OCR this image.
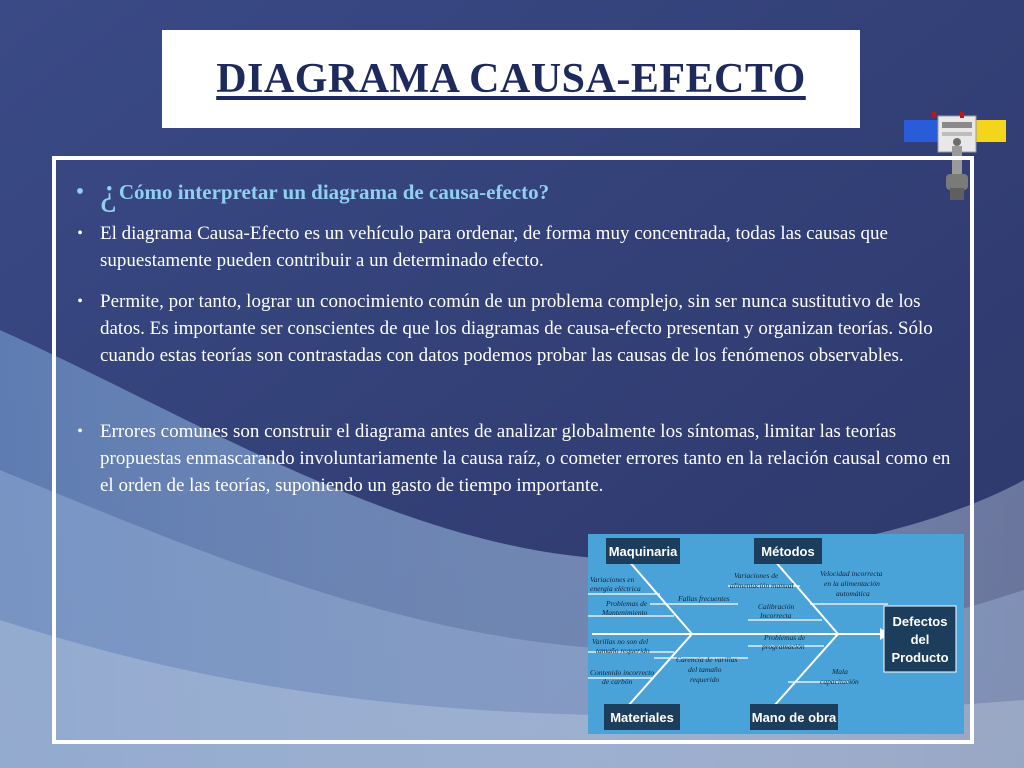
DIAGRAMA CAUSA-EFECTO
• ¿ Cómo interpretar un diagrama de causa-efecto?
• El diagrama Causa-Efecto es un vehículo para ordenar, de forma muy concentrada, todas las causas que supuestamente pueden contribuir a un determinado efecto.
• Permite, por tanto, lograr un conocimiento común de un problema complejo, sin ser nunca sustitutivo de los datos. Es importante ser conscientes de que los diagramas de causa-efecto presentan y organizan teorías. Sólo cuando estas teorías son contrastadas con datos podemos probar las causas de los fenómenos observables.
• Errores comunes son construir el diagrama antes de analizar globalmente los síntomas, limitar las teorías propuestas enmascarando involuntariamente la causa raíz, o cometer errores tanto en la relación causal como en el orden de las teorías, suponiendo un gasto de tiempo importante.
Maquinaria	Métodos
Materiales	Mano de obra
Defectos
del
Producto
Variaciones en
energía eléctrica
Problemas de
Mantenimiento
Fallas frecuentes
Variaciones de
alimentación manual
Velocidad incorrecta
en la alimentación
automática
Calibración
Incorrecta
Varillas no son del
tamaño requerido
Carencia de varillas
del tamaño
requerido
Problemas de
programación
Contenido incorrecto
de carbón
Mala
capacitación
